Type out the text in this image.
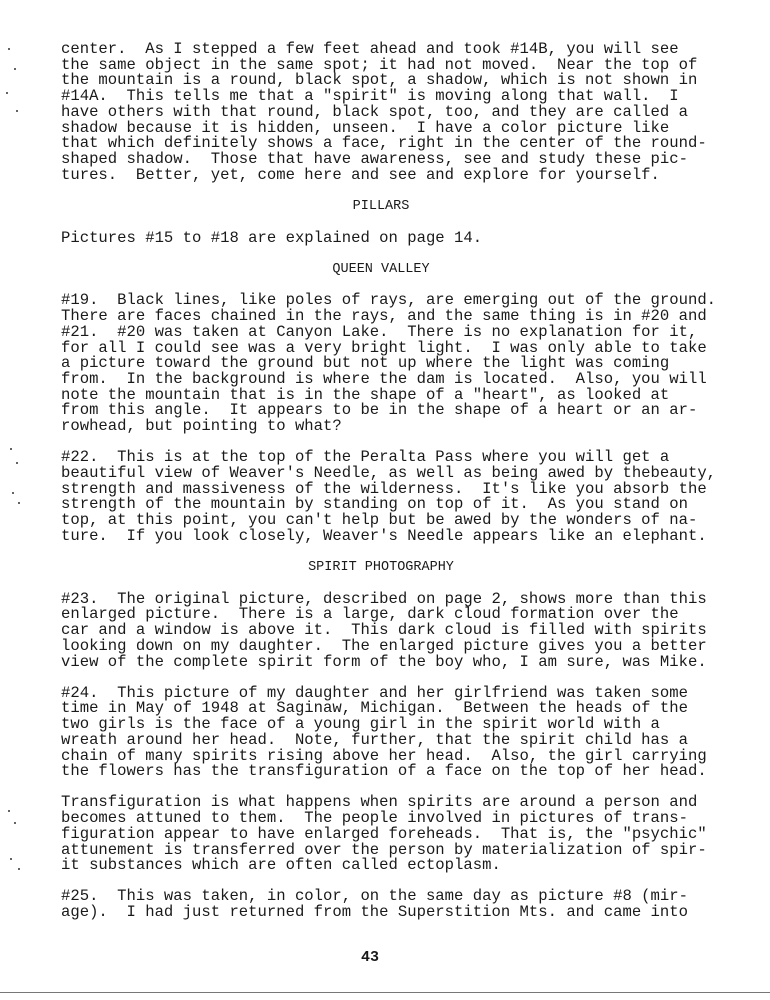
center.  As I stepped a few feet ahead and took #14B, you will see
the same object in the same spot; it had not moved.  Near the top of
the mountain is a round, black spot, a shadow, which is not shown in
#14A.  This tells me that a "spirit" is moving along that wall.  I
have others with that round, black spot, too, and they are called a
shadow because it is hidden, unseen.  I have a color picture like
that which definitely shows a face, right in the center of the round-
shaped shadow.  Those that have awareness, see and study these pic-
tures.  Better, yet, come here and see and explore for yourself.

PILLARS

Pictures #15 to #18 are explained on page 14.

QUEEN VALLEY

#19.  Black lines, like poles of rays, are emerging out of the ground.
There are faces chained in the rays, and the same thing is in #20 and
#21.  #20 was taken at Canyon Lake.  There is no explanation for it,
for all I could see was a very bright light.  I was only able to take
a picture toward the ground but not up where the light was coming
from.  In the background is where the dam is located.  Also, you will
note the mountain that is in the shape of a "heart", as looked at
from this angle.  It appears to be in the shape of a heart or an ar-
rowhead, but pointing to what?

#22.  This is at the top of the Peralta Pass where you will get a
beautiful view of Weaver's Needle, as well as being awed by thebeauty,
strength and massiveness of the wilderness.  It's like you absorb the
strength of the mountain by standing on top of it.  As you stand on
top, at this point, you can't help but be awed by the wonders of na-
ture.  If you look closely, Weaver's Needle appears like an elephant.

SPIRIT PHOTOGRAPHY

#23.  The original picture, described on page 2, shows more than this
enlarged picture.  There is a large, dark cloud formation over the
car and a window is above it.  This dark cloud is filled with spirits
looking down on my daughter.  The enlarged picture gives you a better
view of the complete spirit form of the boy who, I am sure, was Mike.

#24.  This picture of my daughter and her girlfriend was taken some
time in May of 1948 at Saginaw, Michigan.  Between the heads of the
two girls is the face of a young girl in the spirit world with a
wreath around her head.  Note, further, that the spirit child has a
chain of many spirits rising above her head.  Also, the girl carrying
the flowers has the transfiguration of a face on the top of her head.

Transfiguration is what happens when spirits are around a person and
becomes attuned to them.  The people involved in pictures of trans-
figuration appear to have enlarged foreheads.  That is, the "psychic"
attunement is transferred over the person by materialization of spir-
it substances which are often called ectoplasm.

#25.  This was taken, in color, on the same day as picture #8 (mir-
age).  I had just returned from the Superstition Mts. and came into

43
